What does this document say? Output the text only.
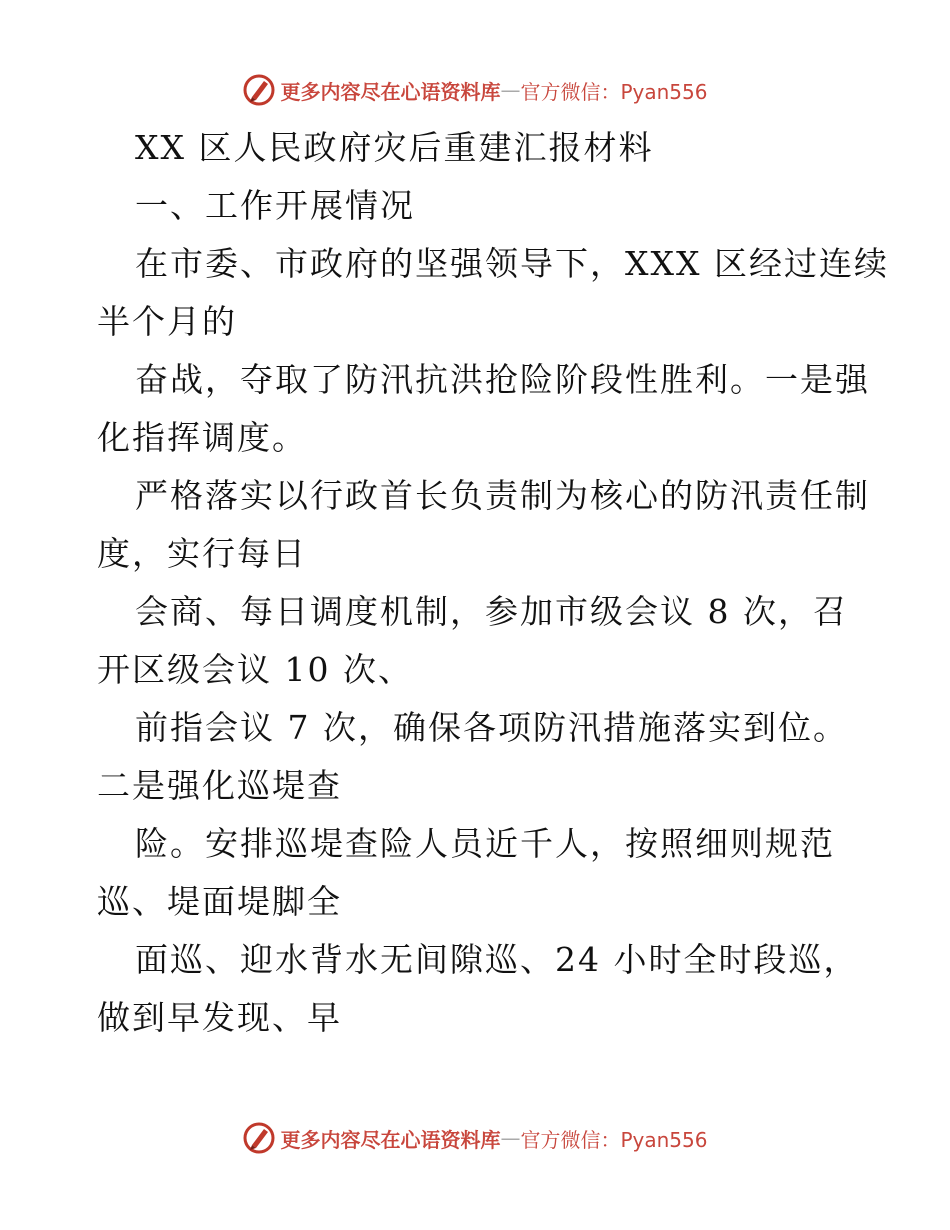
更多内容尽在心语资料库 — 官方微信：Pyan556
XX 区人民政府灾后重建汇报材料
一、工作开展情况
在市委、市政府的坚强领导下，XXX 区经过连续
半个月的
奋战，夺取了防汛抗洪抢险阶段性胜利。一是强
化指挥调度。
严格落实以行政首长负责制为核心的防汛责任制
度，实行每日
会商、每日调度机制，参加市级会议 8 次，召
开区级会议 10 次、
前指会议 7 次，确保各项防汛措施落实到位。
二是强化巡堤查
险。安排巡堤查险人员近千人，按照细则规范
巡、堤面堤脚全
面巡、迎水背水无间隙巡、24 小时全时段巡，
做到早发现、早
更多内容尽在心语资料库 — 官方微信：Pyan556
